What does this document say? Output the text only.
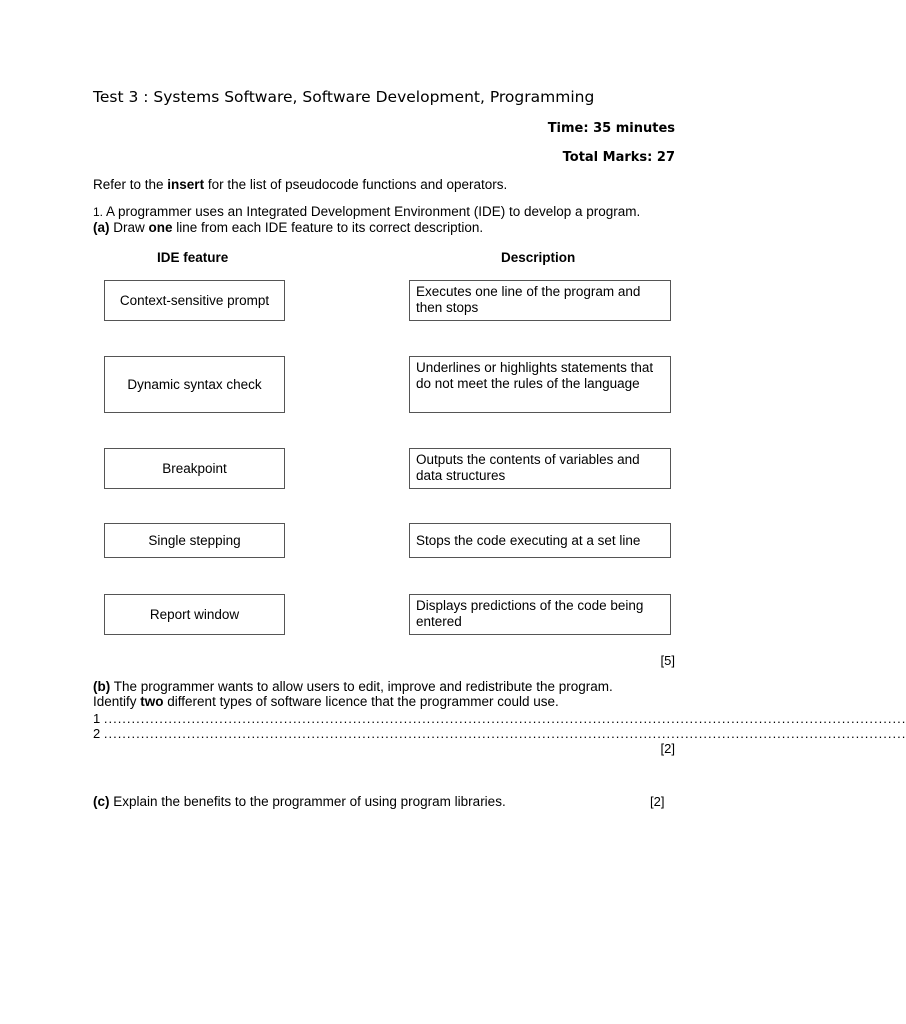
Test 3 : Systems Software, Software Development, Programming
Time: 35 minutes
Total Marks: 27
Refer to the insert for the list of pseudocode functions and operators.
1. A programmer uses an Integrated Development Environment (IDE) to develop a program.
(a) Draw one line from each IDE feature to its correct description.
IDE feature	Description
Context-sensitive prompt
Dynamic syntax check
Breakpoint
Single stepping
Report window
Executes one line of the program and then stops
Underlines or highlights statements that do not meet the rules of the language
Outputs the contents of variables and data structures
Stops the code executing at a set line
Displays predictions of the code being entered
[5]
(b) The programmer wants to allow users to edit, improve and redistribute the program.
Identify two different types of software licence that the programmer could use.
1
..............................................................................................................................................................................
2
..............................................................................................................................................................................
[2]
(c) Explain the benefits to the programmer of using program libraries.	[2]
